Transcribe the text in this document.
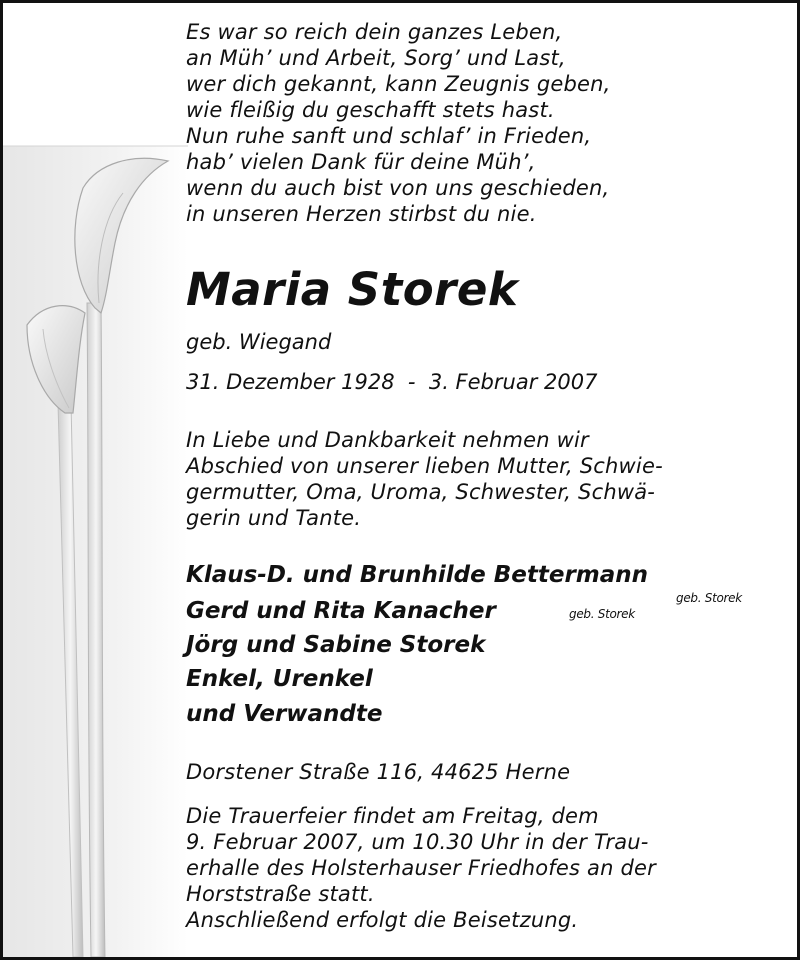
Es war so reich dein ganzes Leben,

an Müh’ und Arbeit, Sorg’ und Last,

wer dich gekannt, kann Zeugnis geben,

wie fleißig du geschafft stets hast.

Nun ruhe sanft und schlaf’ in Frieden,

hab’ vielen Dank für deine Müh’,

wenn du auch bist von uns geschieden,

in unseren Herzen stirbst du nie.

Maria Storek

geb. Wiegand

31. Dezember 1928  -  3. Februar 2007

In Liebe und Dankbarkeit nehmen wir

Abschied von unserer lieben Mutter, Schwie-

germutter, Oma, Uroma, Schwester, Schwä-

gerin und Tante.

Klaus-D. und Brunhilde Bettermann

Gerd und Rita Kanacher

Jörg und Sabine Storek

Enkel, Urenkel

und Verwandte

geb. Storek
geb. Storek

Dorstener Straße 116, 44625 Herne

Die Trauerfeier findet am Freitag, dem

9. Februar 2007, um 10.30 Uhr in der Trau-

erhalle des Holsterhauser Friedhofes an der

Horststraße statt.

Anschließend erfolgt die Beisetzung.
